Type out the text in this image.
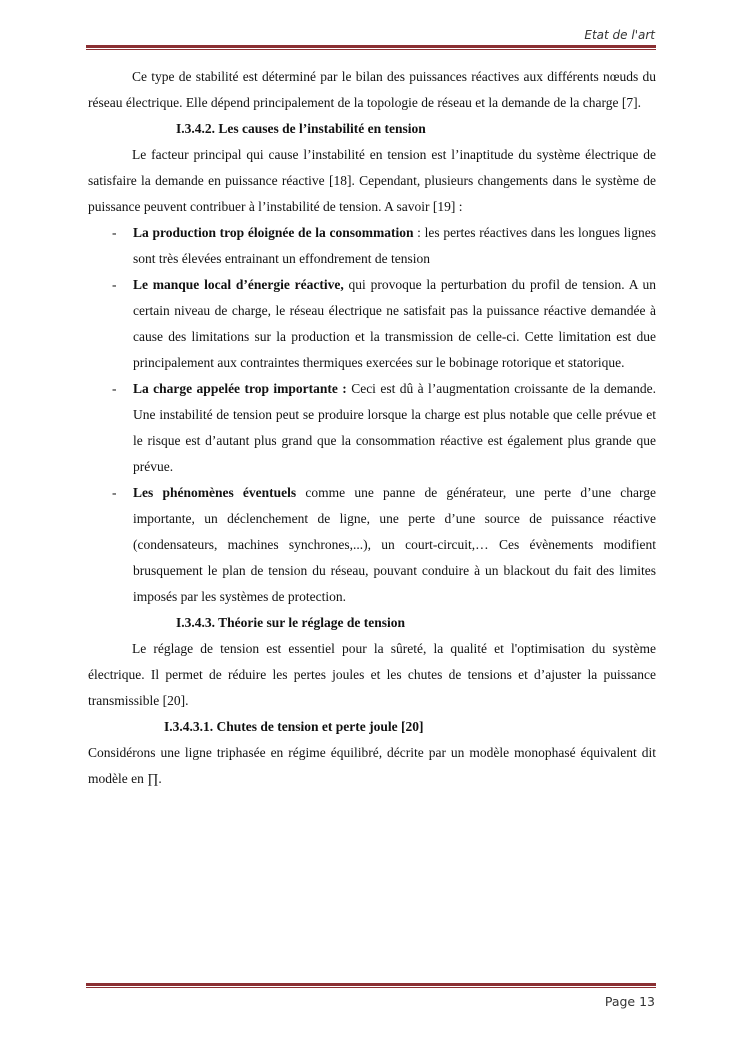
Etat de l'art

Ce type de stabilité est déterminé par le bilan des puissances réactives aux différents nœuds du réseau électrique. Elle dépend principalement de la topologie de réseau et la demande de la charge [7].

I.3.4.2. Les causes de l’instabilité en tension

Le facteur principal qui cause l’instabilité en tension est l’inaptitude du système électrique de satisfaire la demande en puissance réactive [18]. Cependant, plusieurs changements dans le système de puissance peuvent contribuer à l’instabilité de tension. A savoir [19] :

- La production trop éloignée de la consommation : les pertes réactives dans les longues lignes sont très élevées entrainant un effondrement de tension
- Le manque local d’énergie réactive, qui provoque la perturbation du profil de tension. A un certain niveau de charge, le réseau électrique ne satisfait pas la puissance réactive demandée à cause des limitations sur la production et la transmission de celle-ci. Cette limitation est due principalement aux contraintes thermiques exercées sur le bobinage rotorique et statorique.
- La charge appelée trop importante : Ceci est dû à l’augmentation croissante de la demande. Une instabilité de tension peut se produire lorsque la charge est plus notable que celle prévue et le risque est d’autant plus grand que la consommation réactive est également plus grande que prévue.
- Les phénomènes éventuels comme une panne de générateur, une perte d’une charge importante, un déclenchement de ligne, une perte d’une source de puissance réactive (condensateurs, machines synchrones,...), un court-circuit,… Ces évènements modifient brusquement le plan de tension du réseau, pouvant conduire à un blackout du fait des limites imposés par les systèmes de protection.

I.3.4.3. Théorie sur le réglage de tension

Le réglage de tension est essentiel pour la sûreté, la qualité et l'optimisation du système électrique. Il permet de réduire les pertes joules et les chutes de tensions et d’ajuster la puissance transmissible [20].

I.3.4.3.1. Chutes de tension et perte joule [20]

Considérons une ligne triphasée en régime équilibré, décrite par un modèle monophasé équivalent dit modèle en ∏.

Page 13
